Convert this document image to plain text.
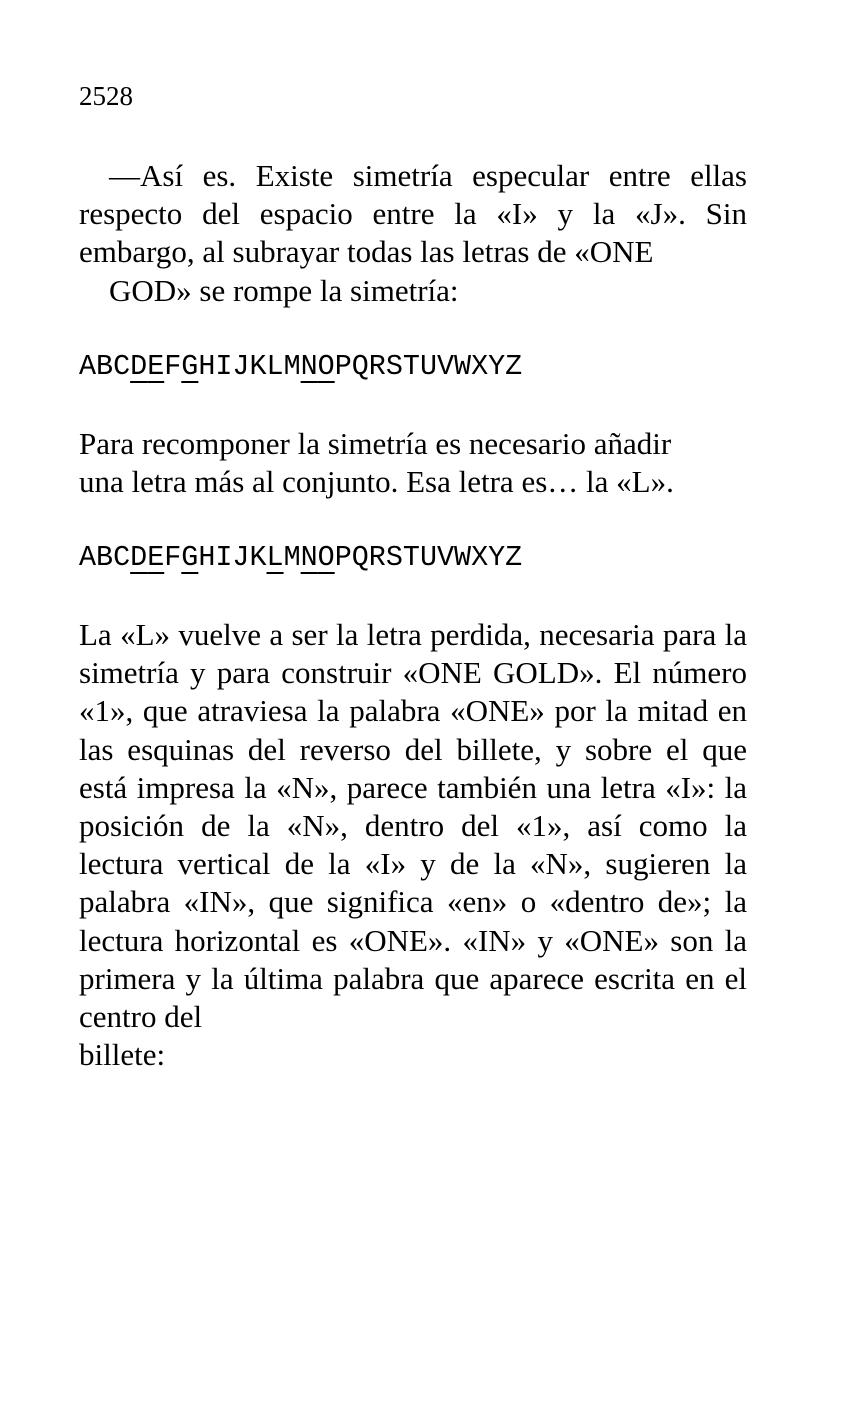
2528

—Así es. Existe simetría especular entre ellas respecto del espacio entre la «I» y la «J». Sin embargo, al subrayar todas las letras de «ONE
GOD» se rompe la simetría:

ABCDEFGHIJKLMNOPQRSTUVWXYZ

Para recomponer la simetría es necesario añadir
una letra más al conjunto. Esa letra es… la «L».

ABCDEFGHIJKLMNOPQRSTUVWXYZ

La «L» vuelve a ser la letra perdida, necesaria para la simetría y para construir «ONE GOLD». El número «1», que atraviesa la palabra «ONE» por la mitad en las esquinas del reverso del billete, y sobre el que está impresa la «N», parece también una letra «I»: la posición de la «N», dentro del «1», así como la lectura vertical de la «I» y de la «N», sugieren la palabra «IN», que significa «en» o «dentro de»; la lectura horizontal es «ONE». «IN» y «ONE» son la primera y la última palabra que aparece escrita en el centro del
billete:
